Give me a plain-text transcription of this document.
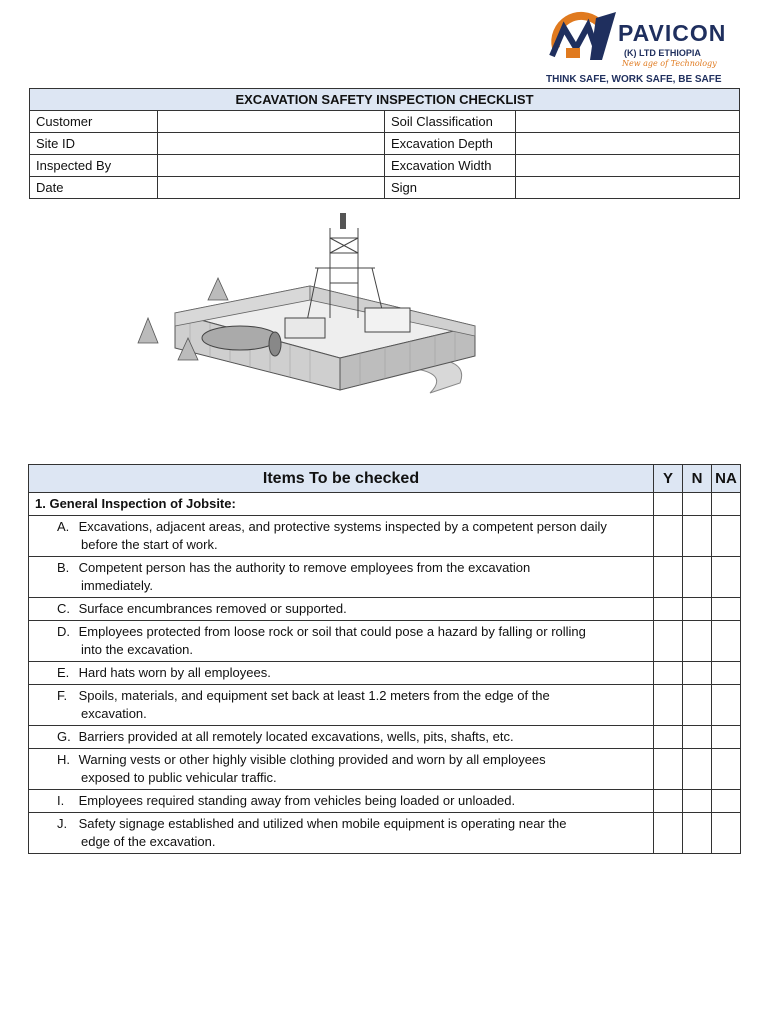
PAVICON
(K) LTD ETHIOPIA
New age of Technology
THINK SAFE, WORK SAFE, BE SAFE
EXCAVATION SAFETY INSPECTION CHECKLIST			
Customer		Soil Classification	
Site ID		Excavation Depth	
Inspected By		Excavation Width	
Date		Sign	
Items To be checked	Y	N	NA
1. General Inspection of Jobsite:			
A. Excavations, adjacent areas, and protective systems inspected by a competent person daily
before the start of work.			

B. Competent person has the authority to remove employees from the excavation
immediately.			

C. Surface encumbrances removed or supported.			
D. Employees protected from loose rock or soil that could pose a hazard by falling or rolling
into the excavation.			

E. Hard hats worn by all employees.			
F. Spoils, materials, and equipment set back at least 1.2 meters from the edge of the
excavation.			

G. Barriers provided at all remotely located excavations, wells, pits, shafts, etc.			
H. Warning vests or other highly visible clothing provided and worn by all employees
exposed to public vehicular traffic.			

I. Employees required standing away from vehicles being loaded or unloaded.			
J. Safety signage established and utilized when mobile equipment is operating near the
edge of the excavation.			
